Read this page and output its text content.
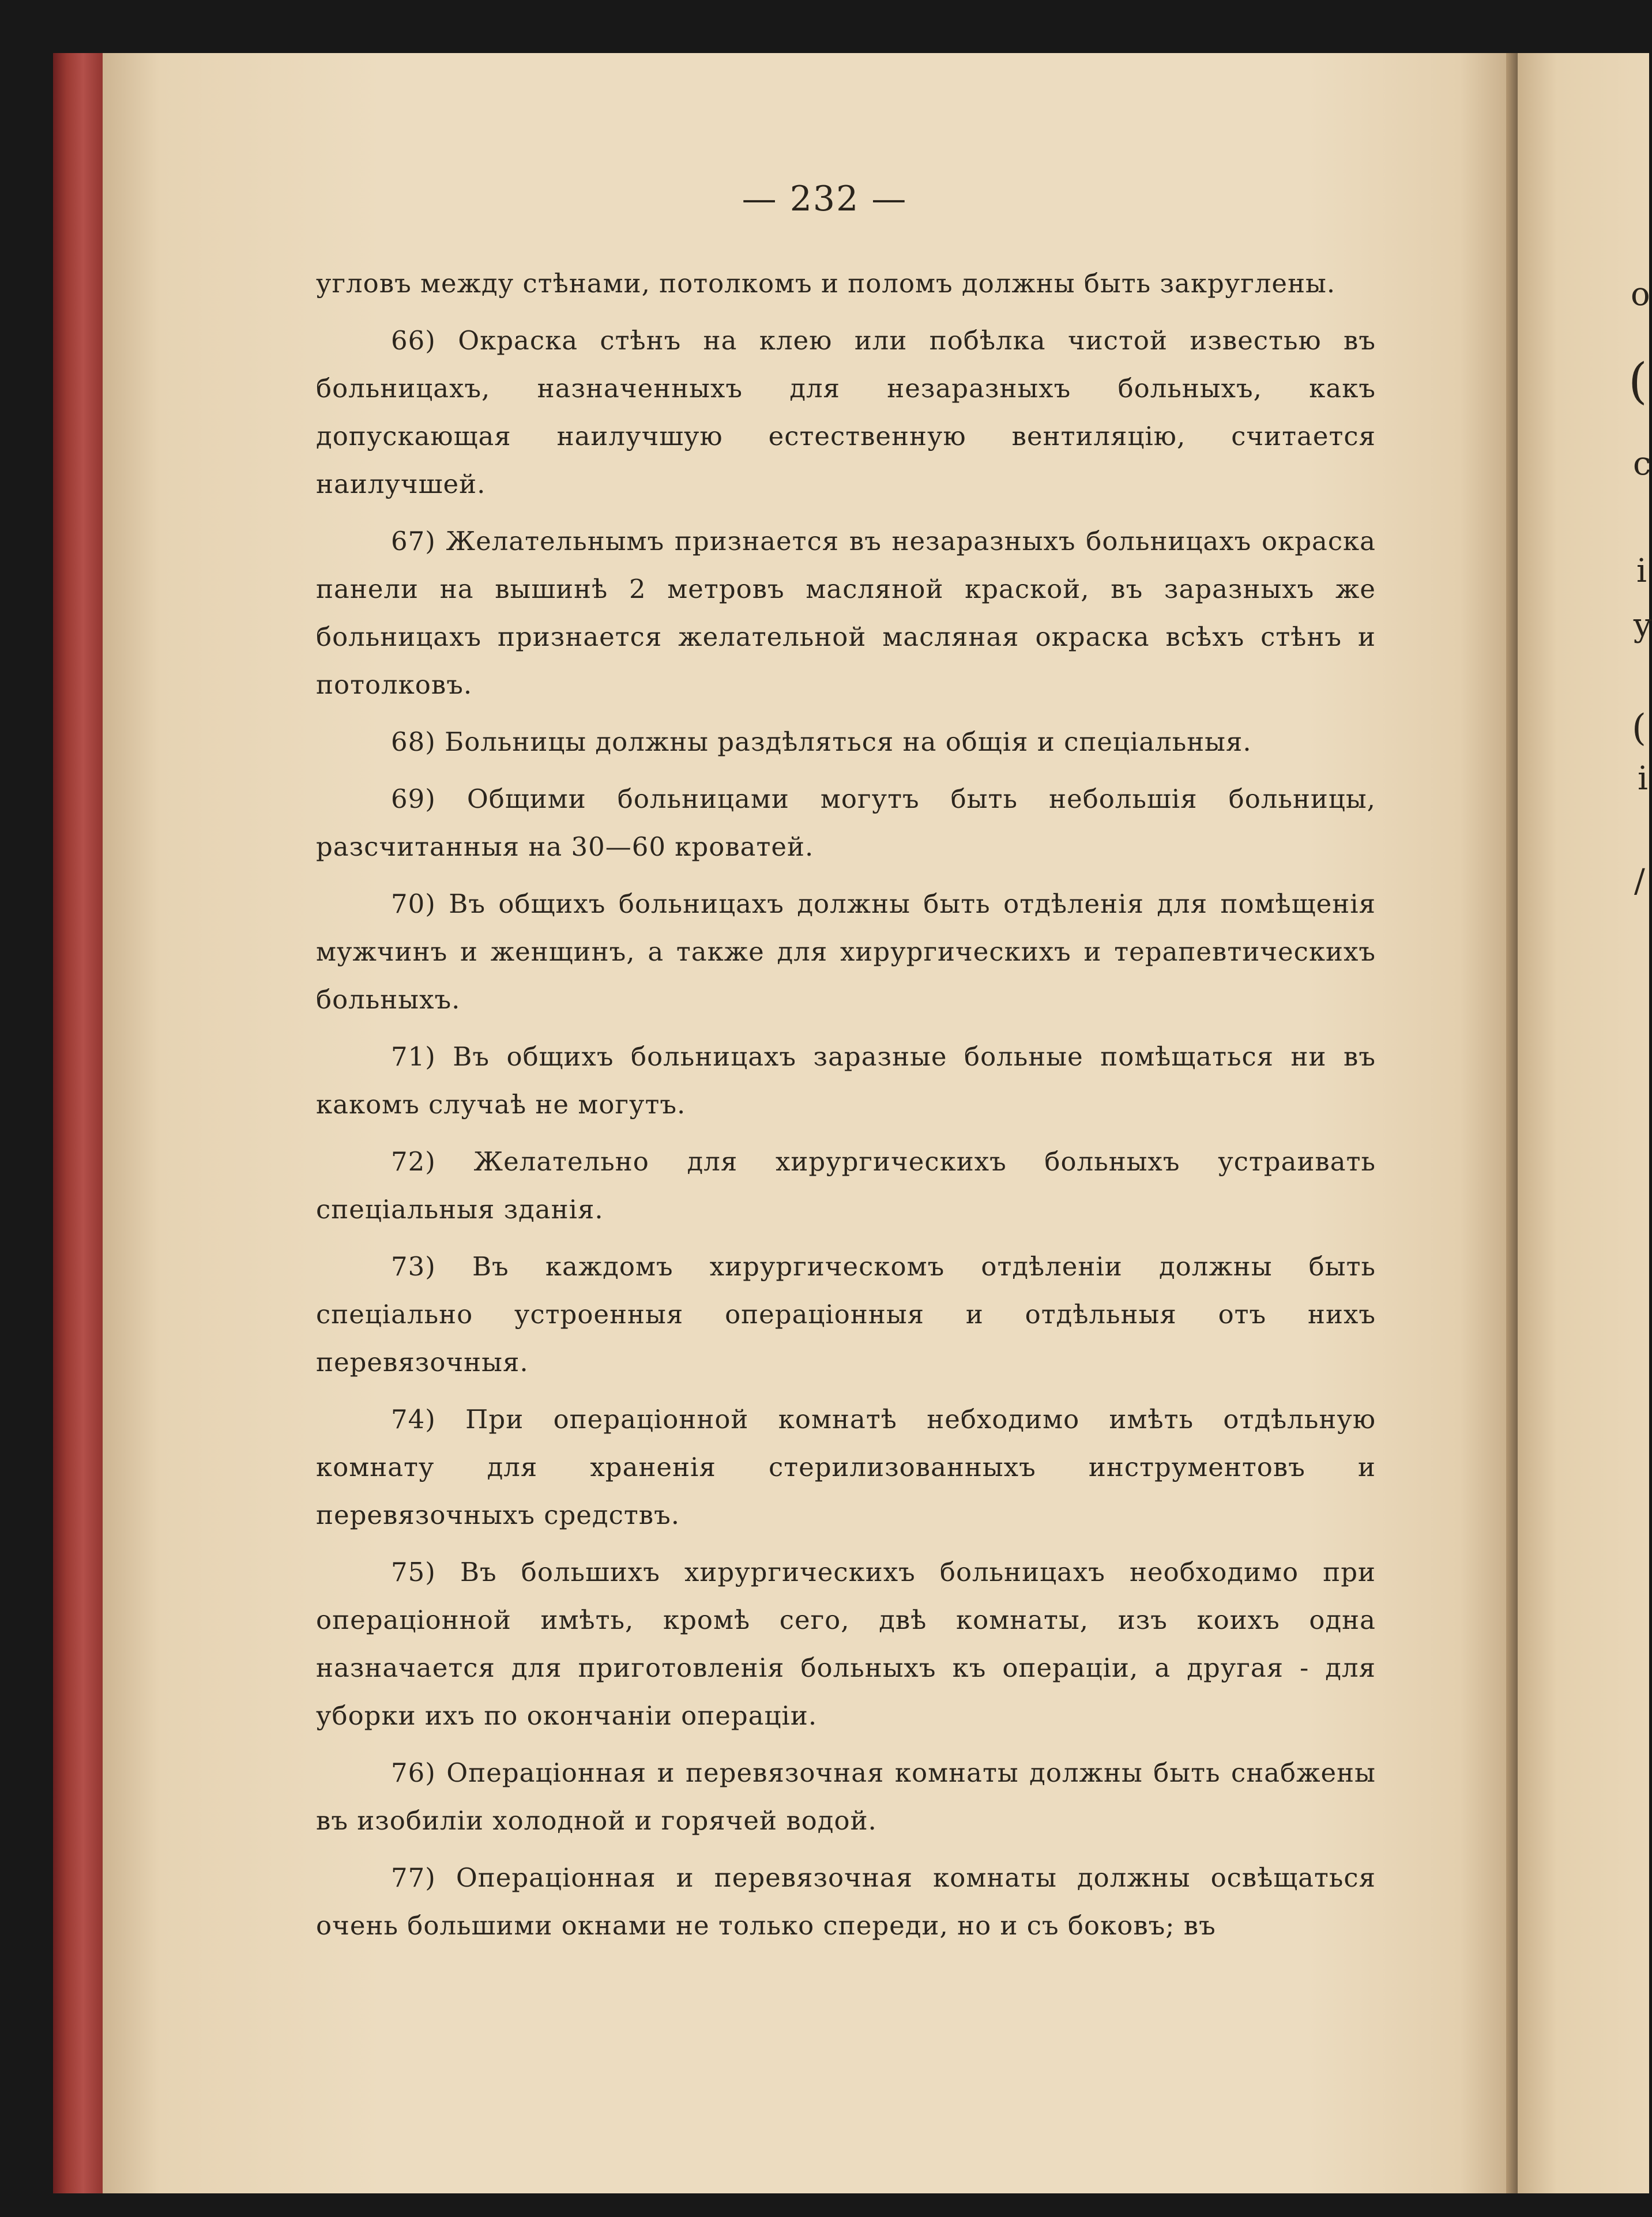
о
(
с
і
у
(
і
/
— 232 —

угловъ между стѣнами, потолкомъ и поломъ должны быть закруглены.

66) Окраска стѣнъ на клею или побѣлка чистой известью въ больницахъ, назначенныхъ для незаразныхъ больныхъ, какъ допускающая наилучшую естественную вентиляцію, считается наилучшей.

67) Желательнымъ признается въ незаразныхъ больницахъ окраска панели на вышинѣ 2 метровъ масляной краской, въ заразныхъ же больницахъ признается желательной масляная окраска всѣхъ стѣнъ и потолковъ.

68) Больницы должны раздѣляться на общія и спеціальныя.

69) Общими больницами могутъ быть небольшія больницы, разсчитанныя на 30—60 кроватей.

70) Въ общихъ больницахъ должны быть отдѣленія для помѣщенія мужчинъ и женщинъ, а также для хирургическихъ и терапевтическихъ больныхъ.

71) Въ общихъ больницахъ заразные больные помѣщаться ни въ какомъ случаѣ не могутъ.

72) Желательно для хирургическихъ больныхъ устраивать спеціальныя зданія.

73) Въ каждомъ хирургическомъ отдѣленіи должны быть спеціально устроенныя операціонныя и отдѣльныя отъ нихъ перевязочныя.

74) При операціонной комнатѣ небходимо имѣть отдѣльную комнату для храненія стерилизованныхъ инструментовъ и перевязочныхъ средствъ.

75) Въ большихъ хирургическихъ больницахъ необходимо при операціонной имѣть, кромѣ сего, двѣ комнаты, изъ коихъ одна назначается для приготовленія больныхъ къ операціи, а другая - для уборки ихъ по окончаніи операціи.

76) Операціонная и перевязочная комнаты должны быть снабжены въ изобиліи холодной и горячей водой.

77) Операціонная и перевязочная комнаты должны освѣщаться очень большими окнами не только спереди, но и съ боковъ; въ
